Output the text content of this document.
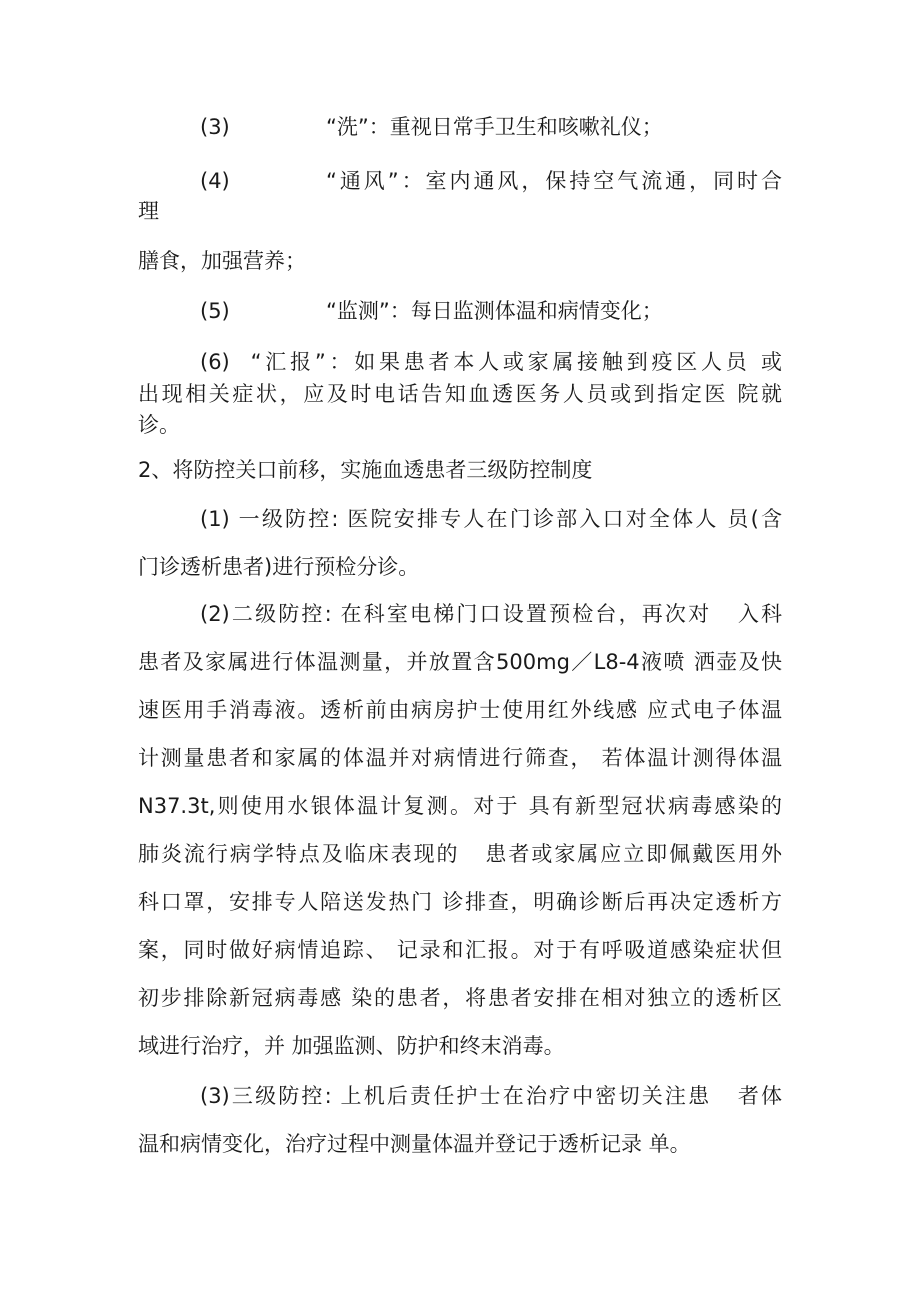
(3)	“洗”：重视日常手卫生和咳嗽礼仪；
(4)	“通风”：室内通风，保持空气流通，同时合
理
膳食，加强营养；
(5)	“监测”：每日监测体温和病情变化；
(6)  “汇报”：如果患者本人或家属接触到疫区人员 或
出现相关症状，应及时电话告知血透医务人员或到指定医 院就
诊。
2、将防控关口前移，实施血透患者三级防控制度
(1) 一级防控: 医院安排专人在门诊部入口对全体人 员(含
门诊透析患者)进行预检分诊。
(2)二级防控: 在科室电梯门口设置预检台，再次对   入科
患者及家属进行体温测量，并放置含500mg／L8-4液喷 洒壶及快
速医用手消毒液。透析前由病房护士使用红外线感 应式电子体温
计测量患者和家属的体温并对病情进行筛查， 若体温计测得体温
N37.3t,则使用水银体温计复测。对于 具有新型冠状病毒感染的
肺炎流行病学特点及临床表现的   患者或家属应立即佩戴医用外
科口罩，安排专人陪送发热门 诊排查，明确诊断后再决定透析方
案，同时做好病情追踪、 记录和汇报。对于有呼吸道感染症状但
初步排除新冠病毒感 染的患者，将患者安排在相对独立的透析区
域进行治疗，并 加强监测、防护和终末消毒。
(3)三级防控: 上机后责任护士在治疗中密切关注患   者体
温和病情变化，治疗过程中测量体温并登记于透析记录 单。
